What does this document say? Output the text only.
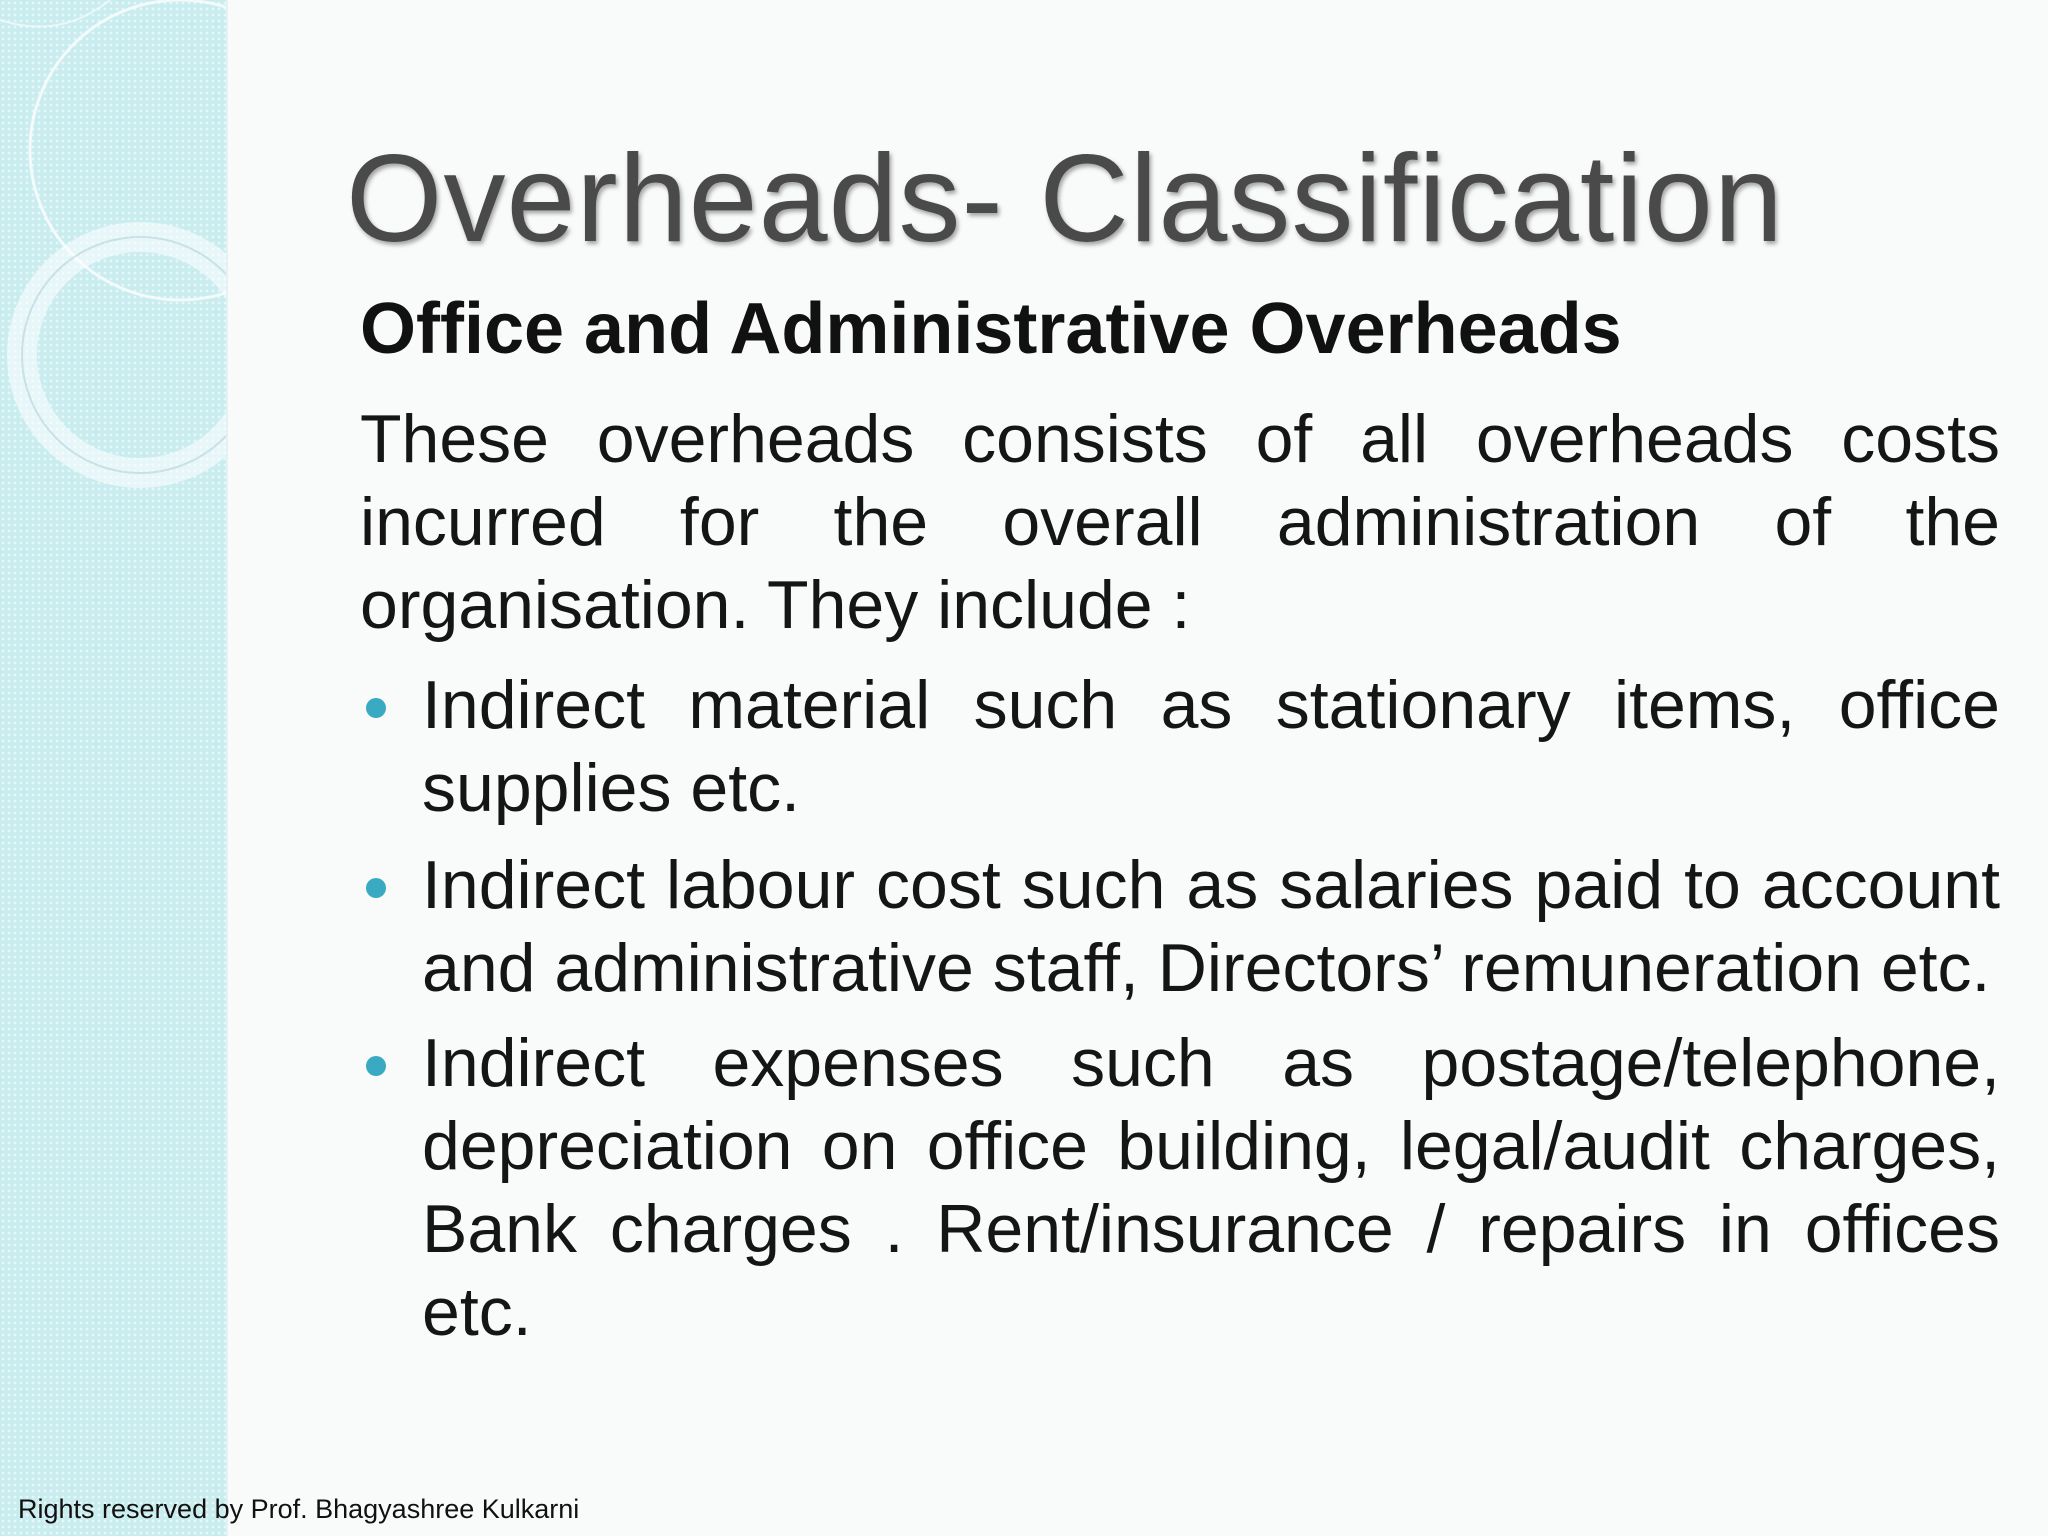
Overheads- Classification
Office and Administrative Overheads

These overheads consists of all overheads costs incurred for the overall administration of the organisation. They include :

Indirect material such as stationary items, office supplies etc.
Indirect labour cost such as salaries paid to account and administrative staff, Directors’ remuneration etc.
Indirect expenses such as postage/telephone, depreciation on office building, legal/audit charges, Bank charges . Rent/insurance / repairs in offices etc.
Rights reserved by Prof. Bhagyashree Kulkarni
